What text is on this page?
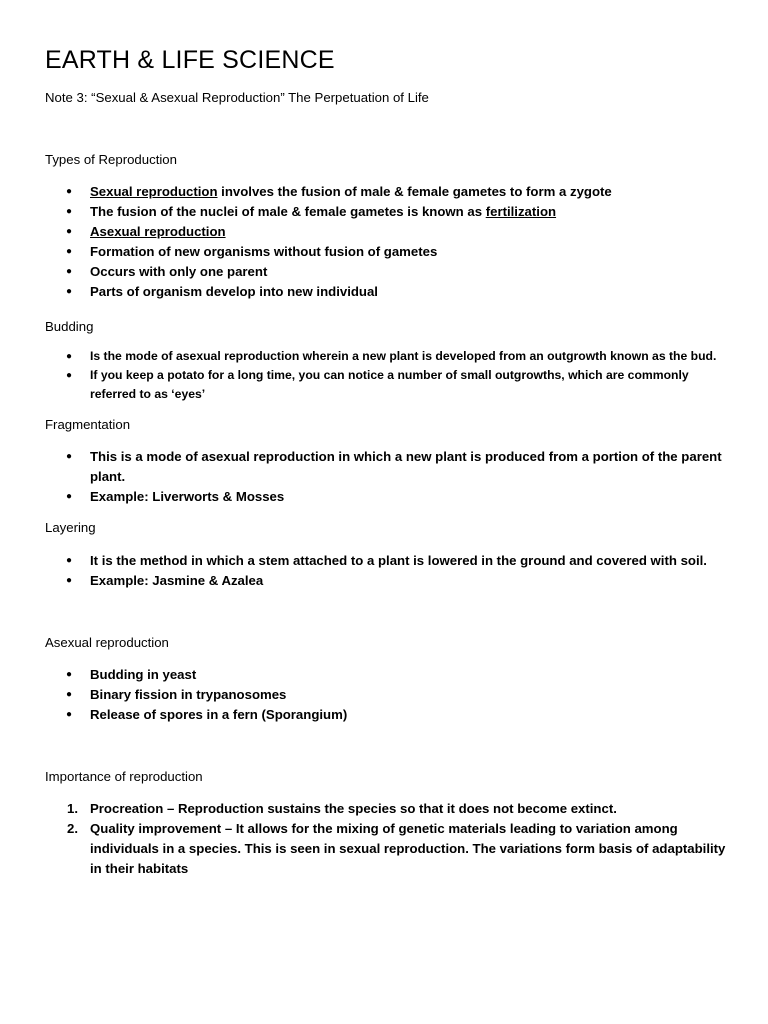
EARTH & LIFE SCIENCE
Note 3: “Sexual & Asexual Reproduction” The Perpetuation of Life
Types of Reproduction
● Sexual reproduction involves the fusion of male & female gametes to form a zygote
● The fusion of the nuclei of male & female gametes is known as fertilization
● Asexual reproduction
● Formation of new organisms without fusion of gametes
● Occurs with only one parent
● Parts of organism develop into new individual
Budding
● Is the mode of asexual reproduction wherein a new plant is developed from an outgrowth known as the bud.
● If you keep a potato for a long time, you can notice a number of small outgrowths, which are commonly referred to as ‘eyes’
Fragmentation
● This is a mode of asexual reproduction in which a new plant is produced from a portion of the parent plant.
● Example: Liverworts & Mosses
Layering
● It is the method in which a stem attached to a plant is lowered in the ground and covered with soil.
● Example: Jasmine & Azalea
Asexual reproduction
● Budding in yeast
● Binary fission in trypanosomes
● Release of spores in a fern (Sporangium)
Importance of reproduction
1. Procreation – Reproduction sustains the species so that it does not become extinct.
2. Quality improvement – It allows for the mixing of genetic materials leading to variation among individuals in a species. This is seen in sexual reproduction. The variations form basis of adaptability in their habitats
